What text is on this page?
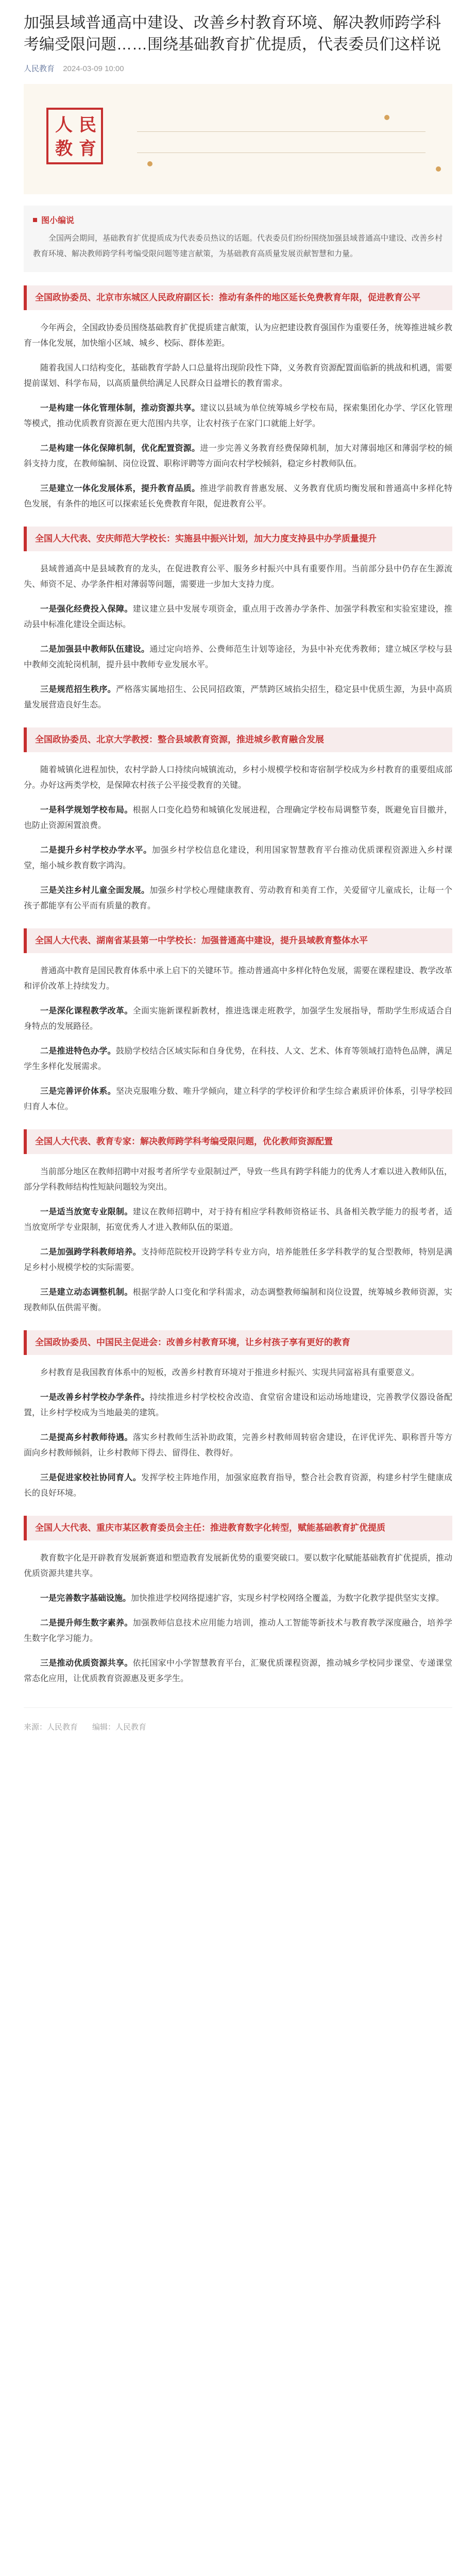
加强县域普通高中建设、改善乡村教育环境、解决教师跨学科考编受限问题……围绕基础教育扩优提质，代表委员们这样说
人民教育 2024-03-09 10:00
人 民
教 育
图小编说

全国两会期间，基础教育扩优提质成为代表委员热议的话题。代表委员们纷纷围绕加强县域普通高中建设、改善乡村教育环境、解决教师跨学科考编受限问题等建言献策，为基础教育高质量发展贡献智慧和力量。

全国政协委员、北京市东城区人民政府副区长：推动有条件的地区延长免费教育年限，促进教育公平

今年两会，全国政协委员围绕基础教育扩优提质建言献策，认为应把建设教育强国作为重要任务，统筹推进城乡教育一体化发展，加快缩小区域、城乡、校际、群体差距。

随着我国人口结构变化，基础教育学龄人口总量将出现阶段性下降，义务教育资源配置面临新的挑战和机遇，需要提前谋划、科学布局，以高质量供给满足人民群众日益增长的教育需求。

一是构建一体化管理体制，推动资源共享。建议以县域为单位统筹城乡学校布局，探索集团化办学、学区化管理等模式，推动优质教育资源在更大范围内共享，让农村孩子在家门口就能上好学。

二是构建一体化保障机制，优化配置资源。进一步完善义务教育经费保障机制，加大对薄弱地区和薄弱学校的倾斜支持力度，在教师编制、岗位设置、职称评聘等方面向农村学校倾斜，稳定乡村教师队伍。

三是建立一体化发展体系，提升教育品质。推进学前教育普惠发展、义务教育优质均衡发展和普通高中多样化特色发展，有条件的地区可以探索延长免费教育年限，促进教育公平。

全国人大代表、安庆师范大学校长：实施县中振兴计划，加大力度支持县中办学质量提升

县域普通高中是县域教育的龙头，在促进教育公平、服务乡村振兴中具有重要作用。当前部分县中仍存在生源流失、师资不足、办学条件相对薄弱等问题，需要进一步加大支持力度。

一是强化经费投入保障。建议建立县中发展专项资金，重点用于改善办学条件、加强学科教室和实验室建设，推动县中标准化建设全面达标。

二是加强县中教师队伍建设。通过定向培养、公费师范生计划等途径，为县中补充优秀教师；建立城区学校与县中教师交流轮岗机制，提升县中教师专业发展水平。

三是规范招生秩序。严格落实属地招生、公民同招政策，严禁跨区域掐尖招生，稳定县中优质生源，为县中高质量发展营造良好生态。

全国政协委员、北京大学教授：整合县域教育资源，推进城乡教育融合发展

随着城镇化进程加快，农村学龄人口持续向城镇流动，乡村小规模学校和寄宿制学校成为乡村教育的重要组成部分。办好这两类学校，是保障农村孩子公平接受教育的关键。

一是科学规划学校布局。根据人口变化趋势和城镇化发展进程，合理确定学校布局调整节奏，既避免盲目撤并，也防止资源闲置浪费。

二是提升乡村学校办学水平。加强乡村学校信息化建设，利用国家智慧教育平台推动优质课程资源进入乡村课堂，缩小城乡教育数字鸿沟。

三是关注乡村儿童全面发展。加强乡村学校心理健康教育、劳动教育和美育工作，关爱留守儿童成长，让每一个孩子都能享有公平而有质量的教育。

全国人大代表、湖南省某县第一中学校长：加强普通高中建设，提升县域教育整体水平

普通高中教育是国民教育体系中承上启下的关键环节。推动普通高中多样化特色发展，需要在课程建设、教学改革和评价改革上持续发力。

一是深化课程教学改革。全面实施新课程新教材，推进选课走班教学，加强学生发展指导，帮助学生形成适合自身特点的发展路径。

二是推进特色办学。鼓励学校结合区域实际和自身优势，在科技、人文、艺术、体育等领域打造特色品牌，满足学生多样化发展需求。

三是完善评价体系。坚决克服唯分数、唯升学倾向，建立科学的学校评价和学生综合素质评价体系，引导学校回归育人本位。

全国人大代表、教育专家：解决教师跨学科考编受限问题，优化教师资源配置

当前部分地区在教师招聘中对报考者所学专业限制过严，导致一些具有跨学科能力的优秀人才难以进入教师队伍，部分学科教师结构性短缺问题较为突出。

一是适当放宽专业限制。建议在教师招聘中，对于持有相应学科教师资格证书、具备相关教学能力的报考者，适当放宽所学专业限制，拓宽优秀人才进入教师队伍的渠道。

二是加强跨学科教师培养。支持师范院校开设跨学科专业方向，培养能胜任多学科教学的复合型教师，特别是满足乡村小规模学校的实际需要。

三是建立动态调整机制。根据学龄人口变化和学科需求，动态调整教师编制和岗位设置，统筹城乡教师资源，实现教师队伍供需平衡。

全国政协委员、中国民主促进会：改善乡村教育环境，让乡村孩子享有更好的教育

乡村教育是我国教育体系中的短板，改善乡村教育环境对于推进乡村振兴、实现共同富裕具有重要意义。

一是改善乡村学校办学条件。持续推进乡村学校校舍改造、食堂宿舍建设和运动场地建设，完善教学仪器设备配置，让乡村学校成为当地最美的建筑。

二是提高乡村教师待遇。落实乡村教师生活补助政策，完善乡村教师周转宿舍建设，在评优评先、职称晋升等方面向乡村教师倾斜，让乡村教师下得去、留得住、教得好。

三是促进家校社协同育人。发挥学校主阵地作用，加强家庭教育指导，整合社会教育资源，构建乡村学生健康成长的良好环境。

全国人大代表、重庆市某区教育委员会主任：推进教育数字化转型，赋能基础教育扩优提质

教育数字化是开辟教育发展新赛道和塑造教育发展新优势的重要突破口。要以数字化赋能基础教育扩优提质，推动优质资源共建共享。

一是完善数字基础设施。加快推进学校网络提速扩容，实现乡村学校网络全覆盖，为数字化教学提供坚实支撑。

二是提升师生数字素养。加强教师信息技术应用能力培训，推动人工智能等新技术与教育教学深度融合，培养学生数字化学习能力。

三是推动优质资源共享。依托国家中小学智慧教育平台，汇聚优质课程资源，推动城乡学校同步课堂、专递课堂常态化应用，让优质教育资源惠及更多学生。

来源：人民教育 编辑：人民教育
